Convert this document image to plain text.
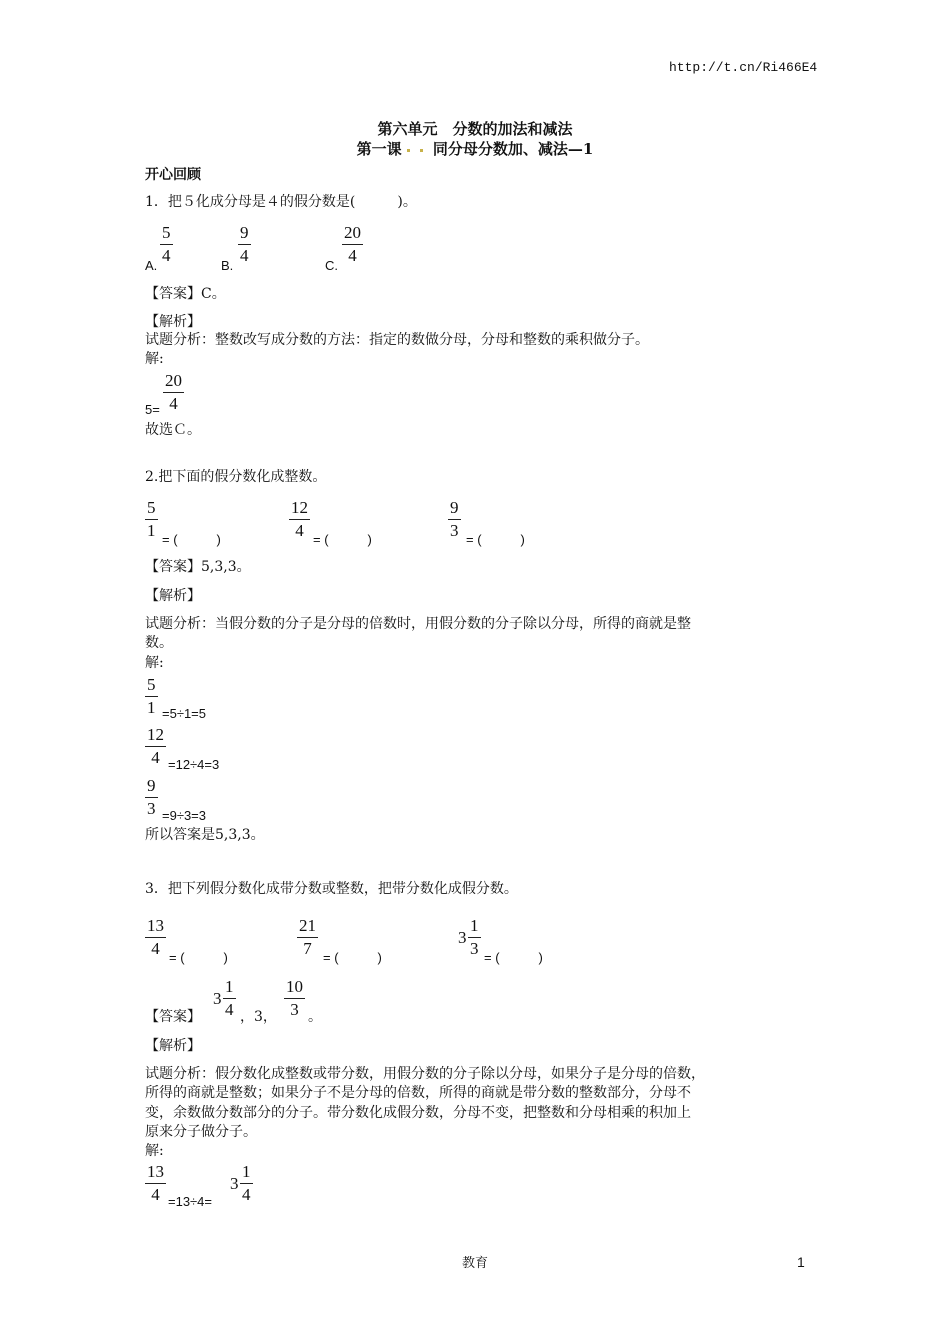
http://t.cn/Ri466E4
第六单元　分数的加法和减法
第一课 同分母分数加、减法—1
开心回顾
1．把５化成分母是４的假分数是(　　　)。
A.
$\frac{5}{4}$
B.
$\frac{9}{4}$
C.
$\frac{20}{4}$
【答案】C。
【解析】
试题分析：整数改写成分数的方法：指定的数做分母，分母和整数的乘积做分子。
解:
$5= \frac{20}{4}$
故选Ｃ。
2.把下面的假分数化成整数。
$\frac{5}{1}$ = (　　　)	$\frac{12}{4}$ = (　　　)	$\frac{9}{3}$ = (　　　)
【答案】5,3,3。
【解析】
试题分析：当假分数的分子是分母的倍数时，用假分数的分子除以分母，所得的商就是整
数。
解:
$\frac{5}{1} =5\div 1=5$
$\frac{12}{4} =12\div 4=3$
$\frac{9}{3} =9\div 3=3$
所以答案是5,3,3。
3．把下列假分数化成带分数或整数，把带分数化成假分数。
$\frac{13}{4}$ = (　　　)	$\frac{21}{7}$ = (　　　)
$3 \frac{1}{3}$ = (　　　)
【答案】
$3 \frac{1}{4}$ ，3， $\frac{10}{3}$ 。
【解析】
试题分析：假分数化成整数或带分数，用假分数的分子除以分母，如果分子是分母的倍数，
所得的商就是整数；如果分子不是分母的倍数，所得的商就是带分数的整数部分，分母不
变，余数做分数部分的分子。带分数化成假分数，分母不变，把整数和分母相乘的积加上
原来分子做分子。
解:
$\frac{13}{4} =13\div 4=$
$3 \frac{1}{4}$
教育	1
